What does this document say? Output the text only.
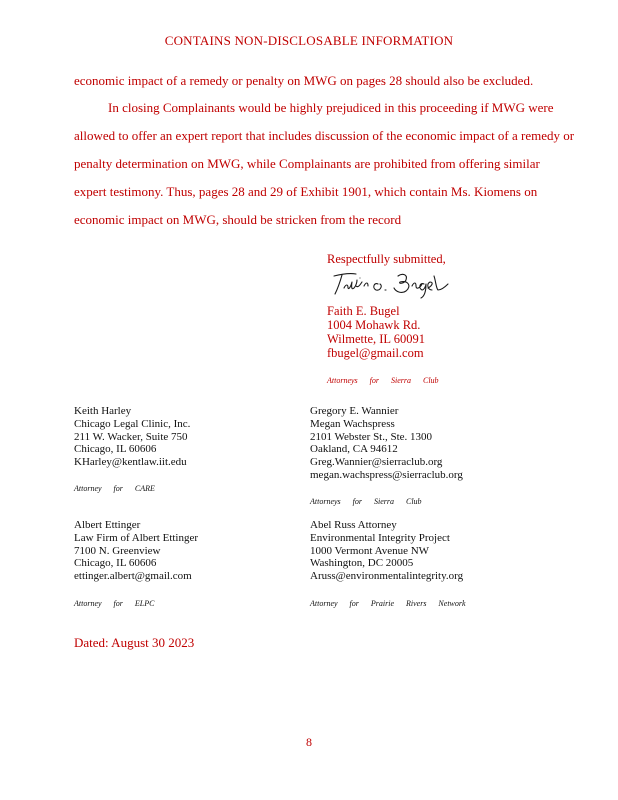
CONTAINS NON-DISCLOSABLE INFORMATION
economic impact of a remedy or penalty on MWG on pages 28 should also be excluded.
In closing Complainants would be highly prejudiced in this proceeding if MWG were
allowed to offer an expert report that includes discussion of the economic impact of a remedy or
penalty determination on MWG, while Complainants are prohibited from offering similar
expert testimony. Thus, pages 28 and 29 of Exhibit 1901, which contain Ms. Kiomens on
economic impact on MWG, should be stricken from the record
Respectfully submitted,
Faith E. Bugel
1004 Mohawk Rd.
Wilmette, IL 60091
fbugel@gmail.com
Attorneys for Sierra Club
Keith Harley
Chicago Legal Clinic, Inc.
211 W. Wacker, Suite 750
Chicago, IL 60606
KHarley@kentlaw.iit.edu
Attorney for CARE
Gregory E. Wannier
Megan Wachspress
2101 Webster St., Ste. 1300
Oakland, CA 94612
Greg.Wannier@sierraclub.org
megan.wachspress@sierraclub.org
Attorneys for Sierra Club
Albert Ettinger
Law Firm of Albert Ettinger
7100 N. Greenview
Chicago, IL 60606
ettinger.albert@gmail.com
Attorney for ELPC
Abel Russ Attorney
Environmental Integrity Project
1000 Vermont Avenue NW
Washington, DC 20005
Aruss@environmentalintegrity.org
Attorney for Prairie Rivers Network
Dated: August 30 2023
8
